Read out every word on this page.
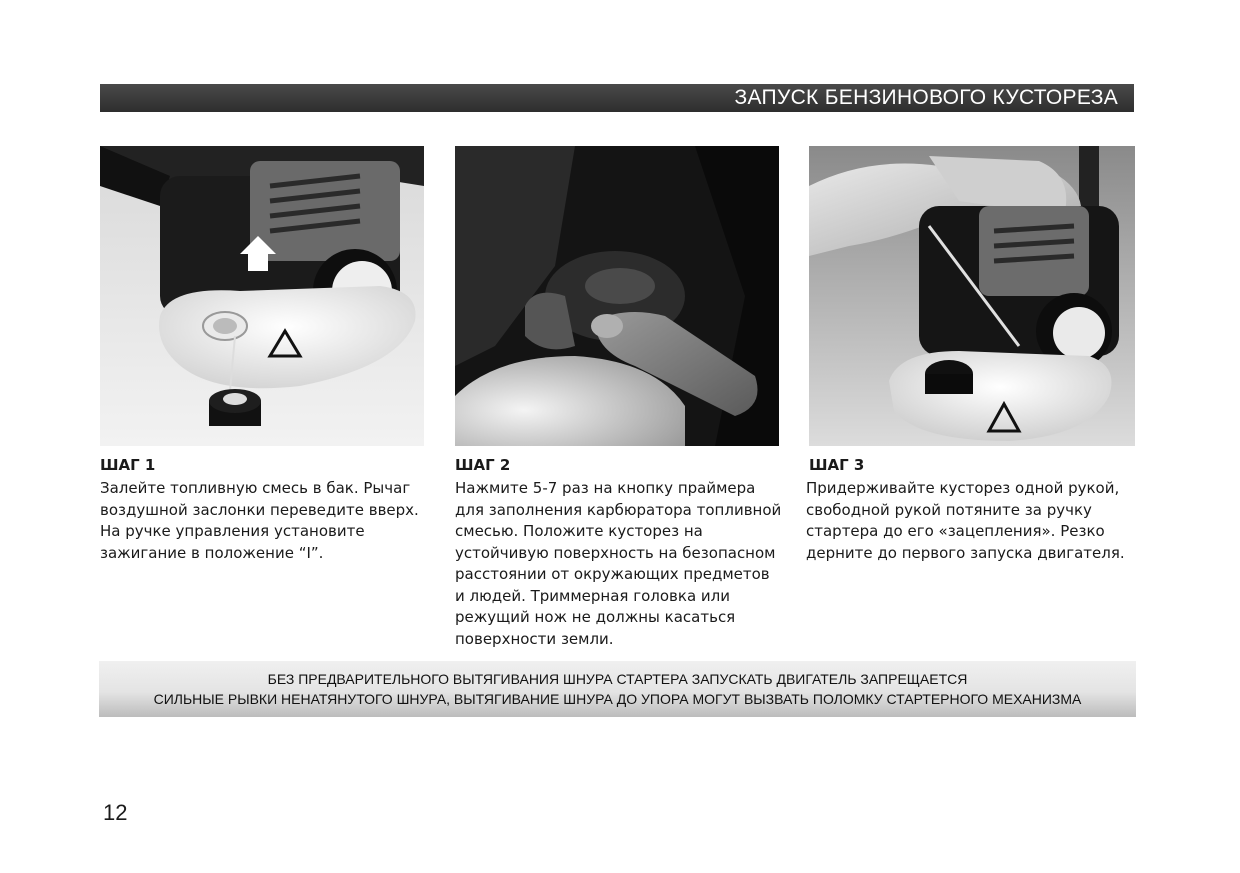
ЗАПУСК БЕНЗИНОВОГО КУСТОРЕЗА
ШАГ 1
Залейте топливную смесь в бак. Рычаг
воздушной заслонки переведите вверх.
На ручке управления установите
зажигание в положение “I”.
ШАГ 2
Нажмите 5-7 раз на кнопку праймера
для заполнения карбюратора топливной
смесью. Положите кусторез на
устойчивую поверхность на безопасном
расстоянии от окружающих предметов
и людей. Триммерная головка или
режущий нож не должны касаться
поверхности земли.
ШАГ 3
Придерживайте кусторез одной рукой,
свободной рукой потяните за ручку
стартера до его «зацепления». Резко
дерните до первого запуска двигателя.
БЕЗ ПРЕДВАРИТЕЛЬНОГО ВЫТЯГИВАНИЯ ШНУРА СТАРТЕРА ЗАПУСКАТЬ ДВИГАТЕЛЬ ЗАПРЕЩАЕТСЯ
СИЛЬНЫЕ РЫВКИ НЕНАТЯНУТОГО ШНУРА, ВЫТЯГИВАНИЕ ШНУРА ДО УПОРА МОГУТ ВЫЗВАТЬ ПОЛОМКУ СТАРТЕРНОГО МЕХАНИЗМА
12
